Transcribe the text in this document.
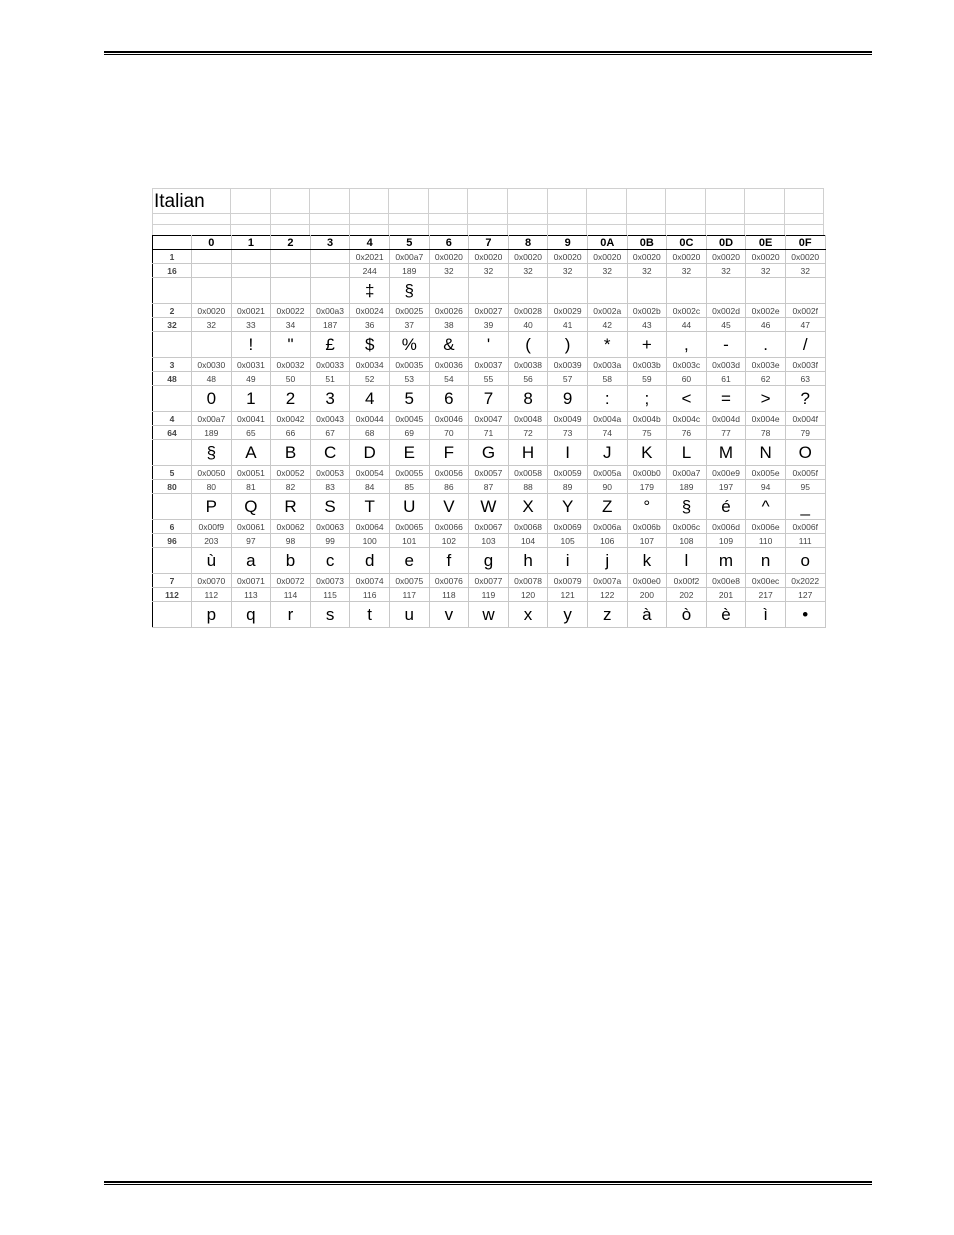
Italian
	0	1	2	3	4	5	6	7	8	9	0A	0B	0C	0D	0E	0F
1					0x2021	0x00a7	0x0020	0x0020	0x0020	0x0020	0x0020	0x0020	0x0020	0x0020	0x0020	0x0020
16					244	189	32	32	32	32	32	32	32	32	32	32
					‡	§										
2	0x0020	0x0021	0x0022	0x00a3	0x0024	0x0025	0x0026	0x0027	0x0028	0x0029	0x002a	0x002b	0x002c	0x002d	0x002e	0x002f
32	32	33	34	187	36	37	38	39	40	41	42	43	44	45	46	47
		!	"	£	$	%	&	'	(	)	*	+	,	-	.	/
3	0x0030	0x0031	0x0032	0x0033	0x0034	0x0035	0x0036	0x0037	0x0038	0x0039	0x003a	0x003b	0x003c	0x003d	0x003e	0x003f
48	48	49	50	51	52	53	54	55	56	57	58	59	60	61	62	63
	0	1	2	3	4	5	6	7	8	9	:	;	<	=	>	?
4	0x00a7	0x0041	0x0042	0x0043	0x0044	0x0045	0x0046	0x0047	0x0048	0x0049	0x004a	0x004b	0x004c	0x004d	0x004e	0x004f
64	189	65	66	67	68	69	70	71	72	73	74	75	76	77	78	79
	§	A	B	C	D	E	F	G	H	I	J	K	L	M	N	O
5	0x0050	0x0051	0x0052	0x0053	0x0054	0x0055	0x0056	0x0057	0x0058	0x0059	0x005a	0x00b0	0x00a7	0x00e9	0x005e	0x005f
80	80	81	82	83	84	85	86	87	88	89	90	179	189	197	94	95
	P	Q	R	S	T	U	V	W	X	Y	Z	°	§	é	^	_
6	0x00f9	0x0061	0x0062	0x0063	0x0064	0x0065	0x0066	0x0067	0x0068	0x0069	0x006a	0x006b	0x006c	0x006d	0x006e	0x006f
96	203	97	98	99	100	101	102	103	104	105	106	107	108	109	110	111
	ù	a	b	c	d	e	f	g	h	i	j	k	l	m	n	o
7	0x0070	0x0071	0x0072	0x0073	0x0074	0x0075	0x0076	0x0077	0x0078	0x0079	0x007a	0x00e0	0x00f2	0x00e8	0x00ec	0x2022
112	112	113	114	115	116	117	118	119	120	121	122	200	202	201	217	127
	p	q	r	s	t	u	v	w	x	y	z	à	ò	è	ì	•
